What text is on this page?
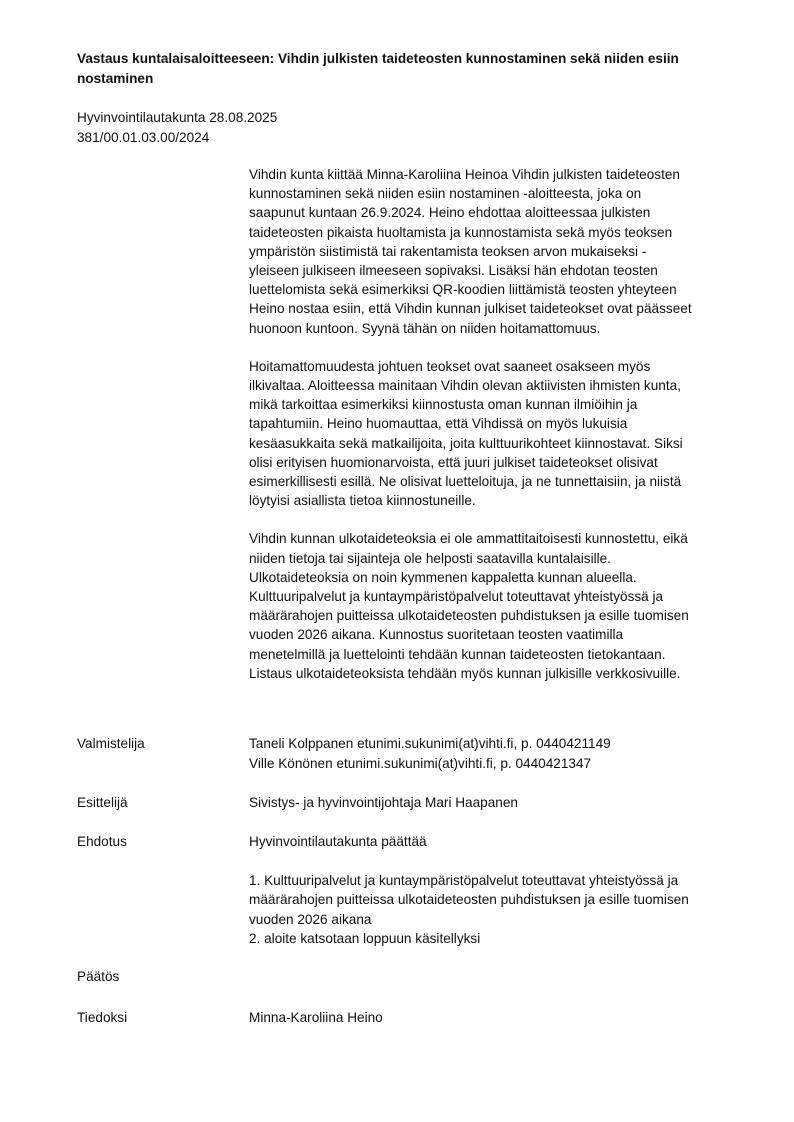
Vastaus kuntalaisaloitteeseen: Vihdin julkisten taideteosten kunnostaminen sekä niiden esiin nostaminen
Hyvinvointilautakunta 28.08.2025
381/00.01.03.00/2024

Vihdin kunta kiittää Minna-Karoliina Heinoa Vihdin julkisten taideteosten
kunnostaminen sekä niiden esiin nostaminen -aloitteesta, joka on
saapunut kuntaan 26.9.2024. Heino ehdottaa aloitteessaa julkisten
taideteosten pikaista huoltamista ja kunnostamista sekä myös teoksen
ympäristön siistimistä tai rakentamista teoksen arvon mukaiseksi -
yleiseen julkiseen ilmeeseen sopivaksi. Lisäksi hän ehdotan teosten
luettelomista sekä esimerkiksi QR-koodien liittämistä teosten yhteyteen
Heino nostaa esiin, että Vihdin kunnan julkiset taideteokset ovat päässeet
huonoon kuntoon. Syynä tähän on niiden hoitamattomuus.

Hoitamattomuudesta johtuen teokset ovat saaneet osakseen myös
ilkivaltaa. Aloitteessa mainitaan Vihdin olevan aktiivisten ihmisten kunta,
mikä tarkoittaa esimerkiksi kiinnostusta oman kunnan ilmiöihin ja
tapahtumiin. Heino huomauttaa, että Vihdissä on myös lukuisia
kesäasukkaita sekä matkailijoita, joita kulttuurikohteet kiinnostavat. Siksi
olisi erityisen huomionarvoista, että juuri julkiset taideteokset olisivat
esimerkillisesti esillä. Ne olisivat luetteloituja, ja ne tunnettaisiin, ja niistä
löytyisi asiallista tietoa kiinnostuneille.

Vihdin kunnan ulkotaideteoksia ei ole ammattitaitoisesti kunnostettu, eikä
niiden tietoja tai sijainteja ole helposti saatavilla kuntalaisille.
Ulkotaideteoksia on noin kymmenen kappaletta kunnan alueella.
Kulttuuripalvelut ja kuntaympäristöpalvelut toteuttavat yhteistyössä ja
määrärahojen puitteissa ulkotaideteosten puhdistuksen ja esille tuomisen
vuoden 2026 aikana. Kunnostus suoritetaan teosten vaatimilla
menetelmillä ja luettelointi tehdään kunnan taideteosten tietokantaan.
Listaus ulkotaideteoksista tehdään myös kunnan julkisille verkkosivuille.

Valmistelija	Taneli Kolppanen etunimi.sukunimi(at)vihti.fi, p. 0440421149
Ville Könönen etunimi.sukunimi(at)vihti.fi, p. 0440421347
Esittelijä	Sivistys- ja hyvinvointijohtaja Mari Haapanen
Ehdotus	Hyvinvointilautakunta päättää
1. Kulttuuripalvelut ja kuntaympäristöpalvelut toteuttavat yhteistyössä ja
määrärahojen puitteissa ulkotaideteosten puhdistuksen ja esille tuomisen
vuoden 2026 aikana
2. aloite katsotaan loppuun käsitellyksi
Päätös
Tiedoksi	Minna-Karoliina Heino
